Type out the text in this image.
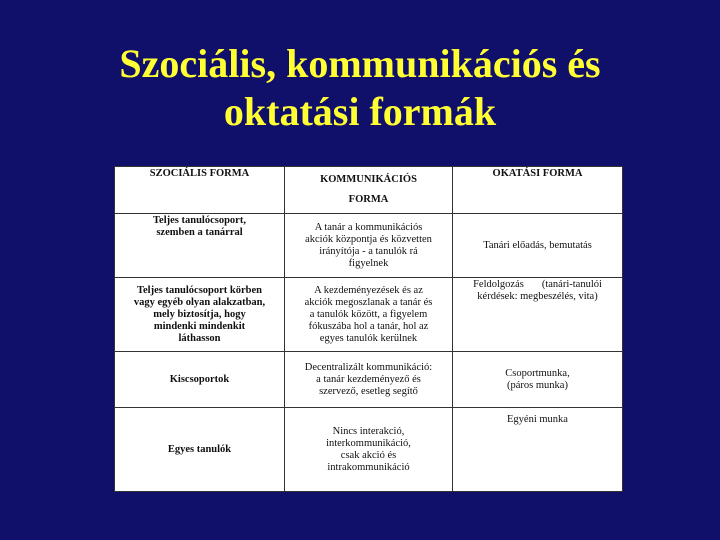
Szociális, kommunikációs és
oktatási formák
SZOCIÁLIS FORMA	KOMMUNIKÁCIÓS
FORMA	OKATÁSI FORMA

Teljes tanulócsoport,
szemben a tanárral	A tanár a kommunikációs
akciók központja és közvetten
irányítója - a tanulók rá
figyelnek	Tanári előadás, bemutatás

Teljes tanulócsoport körben
vagy egyéb olyan alakzatban,
mely biztosítja, hogy
mindenki mindenkit
láthasson	A kezdeményezések és az
akciók megoszlanak a tanár és
a tanulók között, a figyelem
fókuszába hol a tanár, hol az
egyes tanulók kerülnek	Feldolgozás (tanári-tanulói
kérdések: megbeszélés, vita)

Kiscsoportok	Decentralizált kommunikáció:
a tanár kezdeményező és
szervező, esetleg segítő	Csoportmunka,
(páros munka)

Egyes tanulók	Nincs interakció,
interkommunikáció,
csak akció és
intrakommunikáció	Egyéni munka
